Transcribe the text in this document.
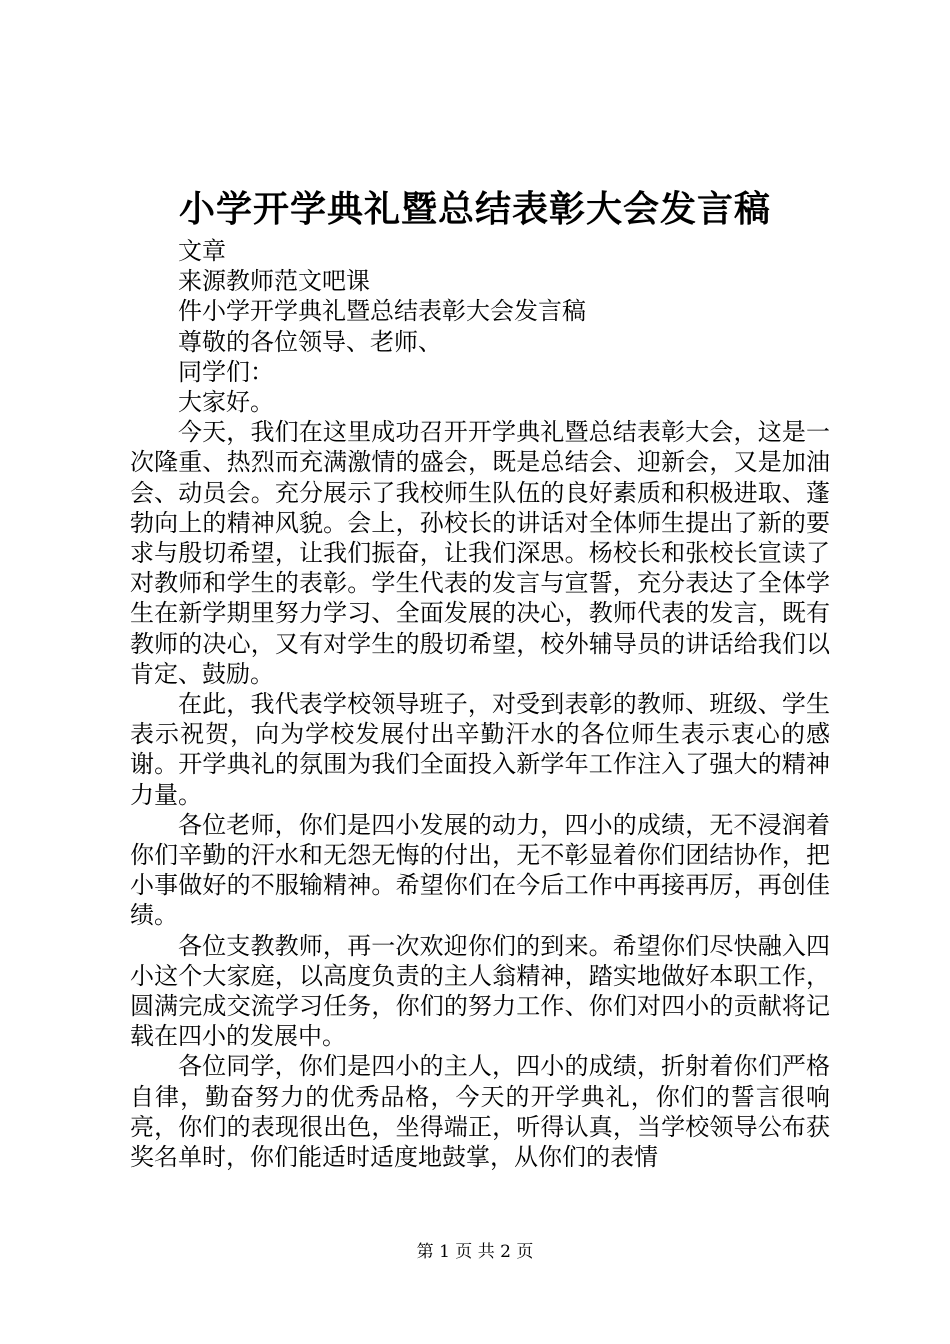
小学开学典礼暨总结表彰大会发言稿

文章

来源教师范文吧课

件小学开学典礼暨总结表彰大会发言稿

尊敬的各位领导、老师、

同学们：

大家好。

今天，我们在这里成功召开开学典礼暨总结表彰大会，这是一次隆重、热烈而充满激情的盛会，既是总结会、迎新会，又是加油会、动员会。充分展示了我校师生队伍的良好素质和积极进取、蓬勃向上的精神风貌。会上，孙校长的讲话对全体师生提出了新的要求与殷切希望，让我们振奋，让我们深思。杨校长和张校长宣读了对教师和学生的表彰。学生代表的发言与宣誓，充分表达了全体学生在新学期里努力学习、全面发展的决心，教师代表的发言，既有教师的决心，又有对学生的殷切希望，校外辅导员的讲话给我们以肯定、鼓励。

在此，我代表学校领导班子，对受到表彰的教师、班级、学生表示祝贺，向为学校发展付出辛勤汗水的各位师生表示衷心的感谢。开学典礼的氛围为我们全面投入新学年工作注入了强大的精神力量。

各位老师，你们是四小发展的动力，四小的成绩，无不浸润着你们辛勤的汗水和无怨无悔的付出，无不彰显着你们团结协作，把小事做好的不服输精神。希望你们在今后工作中再接再厉，再创佳绩。

各位支教教师，再一次欢迎你们的到来。希望你们尽快融入四小这个大家庭，以高度负责的主人翁精神，踏实地做好本职工作，圆满完成交流学习任务，你们的努力工作、你们对四小的贡献将记载在四小的发展中。

各位同学，你们是四小的主人，四小的成绩，折射着你们严格自律，勤奋努力的优秀品格，今天的开学典礼，你们的誓言很响亮，你们的表现很出色，坐得端正，听得认真，当学校领导公布获奖名单时，你们能适时适度地鼓掌，从你们的表情

第 1 页 共 2 页
